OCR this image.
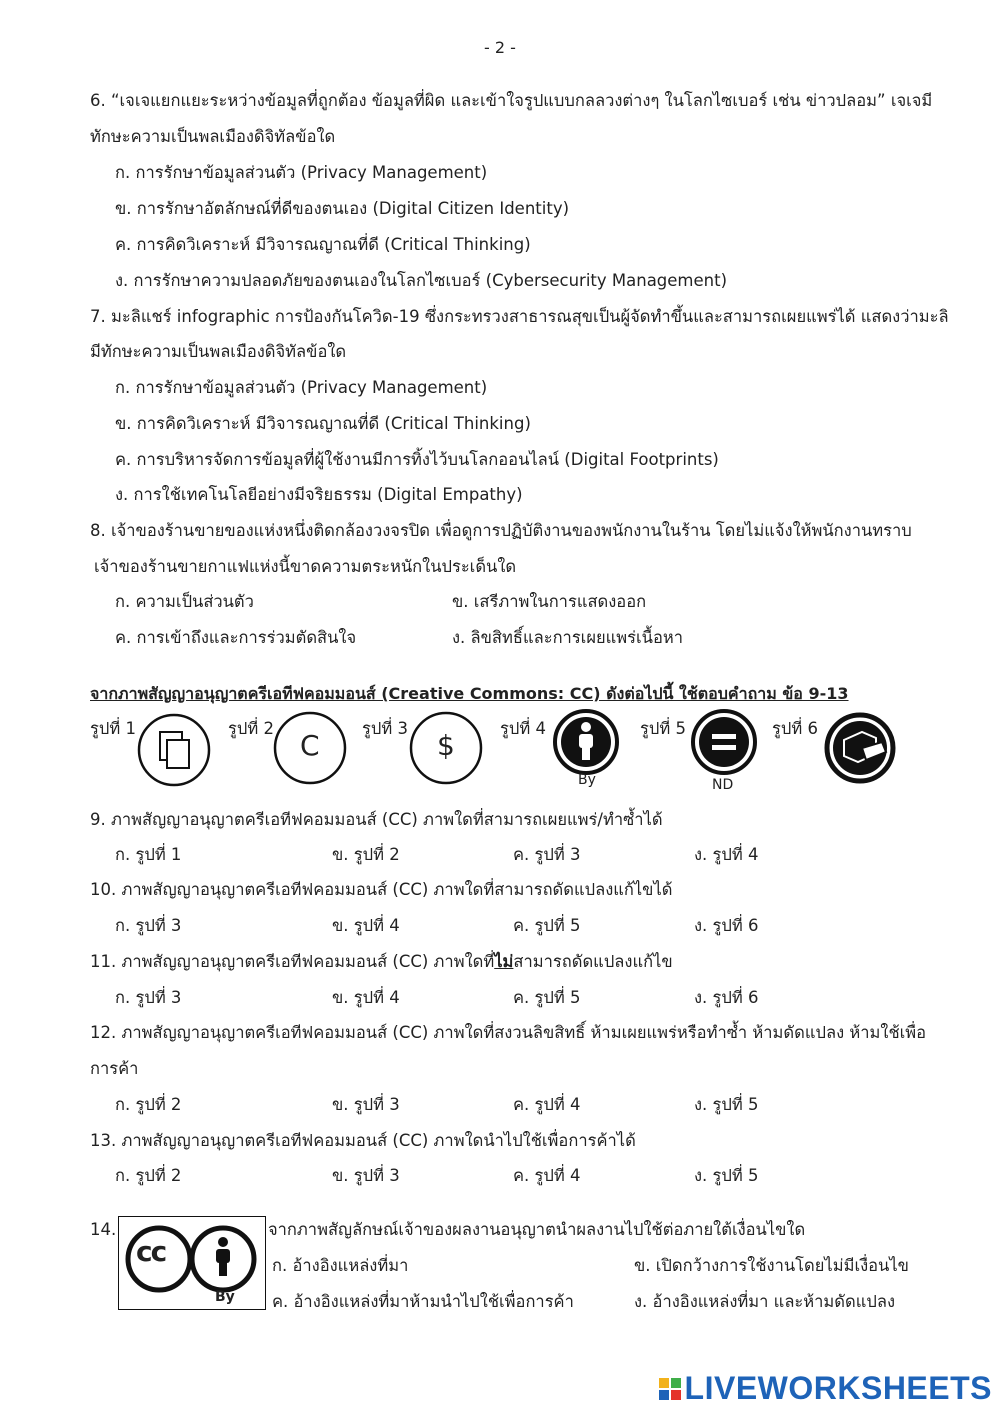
- 2 -
6. “เจเจแยกแยะระหว่างข้อมูลที่ถูกต้อง ข้อมูลที่ผิด และเข้าใจรูปแบบกลลวงต่างๆ ในโลกไซเบอร์ เช่น ข่าวปลอม” เจเจมี
ทักษะความเป็นพลเมืองดิจิทัลข้อใด
ก. การรักษาข้อมูลส่วนตัว (Privacy Management)
ข. การรักษาอัตลักษณ์ที่ดีของตนเอง (Digital Citizen Identity)
ค. การคิดวิเคราะห์ มีวิจารณญาณที่ดี (Critical Thinking)
ง. การรักษาความปลอดภัยของตนเองในโลกไซเบอร์ (Cybersecurity Management)
7. มะลิแชร์ infographic การป้องกันโควิด-19 ซึ่งกระทรวงสาธารณสุขเป็นผู้จัดทำขึ้นและสามารถเผยแพร่ได้ แสดงว่ามะลิ
มีทักษะความเป็นพลเมืองดิจิทัลข้อใด
ก. การรักษาข้อมูลส่วนตัว (Privacy Management)
ข. การคิดวิเคราะห์ มีวิจารณญาณที่ดี (Critical Thinking)
ค. การบริหารจัดการข้อมูลที่ผู้ใช้งานมีการทิ้งไว้บนโลกออนไลน์ (Digital Footprints)
ง. การใช้เทคโนโลยีอย่างมีจริยธรรม (Digital Empathy)
8. เจ้าของร้านขายของแห่งหนึ่งติดกล้องวงจรปิด เพื่อดูการปฏิบัติงานของพนักงานในร้าน โดยไม่แจ้งให้พนักงานทราบ
เจ้าของร้านขายกาแฟแห่งนี้ขาดความตระหนักในประเด็นใด
ก. ความเป็นส่วนตัว	ข. เสรีภาพในการแสดงออก
ค. การเข้าถึงและการร่วมตัดสินใจ	ง. ลิขสิทธิ์และการเผยแพร่เนื้อหา
จากภาพสัญญาอนุญาตครีเอทีฟคอมมอนส์ (Creative Commons: CC) ดังต่อไปนี้ ใช้ตอบคำถาม ข้อ 9-13
รูปที่ 1	รูปที่ 2
C
รูปที่ 3
$
รูปที่ 4
By
รูปที่ 5
ND
รูปที่ 6
9. ภาพสัญญาอนุญาตครีเอทีฟคอมมอนส์ (CC) ภาพใดที่สามารถเผยแพร่/ทำซ้ำได้
ก. รูปที่ 1	ข. รูปที่ 2	ค. รูปที่ 3	ง. รูปที่ 4
10. ภาพสัญญาอนุญาตครีเอทีฟคอมมอนส์ (CC) ภาพใดที่สามารถดัดแปลงแก้ไขได้
ก. รูปที่ 3	ข. รูปที่ 4	ค. รูปที่ 5	ง. รูปที่ 6
11. ภาพสัญญาอนุญาตครีเอทีฟคอมมอนส์ (CC) ภาพใดที่ไม่สามารถดัดแปลงแก้ไข
ก. รูปที่ 3	ข. รูปที่ 4	ค. รูปที่ 5	ง. รูปที่ 6
12. ภาพสัญญาอนุญาตครีเอทีฟคอมมอนส์ (CC) ภาพใดที่สงวนลิขสิทธิ์ ห้ามเผยแพร่หรือทำซ้ำ ห้ามดัดแปลง ห้ามใช้เพื่อ
การค้า
ก. รูปที่ 2	ข. รูปที่ 3	ค. รูปที่ 4	ง. รูปที่ 5
13. ภาพสัญญาอนุญาตครีเอทีฟคอมมอนส์ (CC) ภาพใดนำไปใช้เพื่อการค้าได้
ก. รูปที่ 2	ข. รูปที่ 3	ค. รูปที่ 4	ง. รูปที่ 5
14.
cc
By
จากภาพสัญลักษณ์เจ้าของผลงานอนุญาตนำผลงานไปใช้ต่อภายใต้เงื่อนไขใด
ก. อ้างอิงแหล่งที่มา	ข. เปิดกว้างการใช้งานโดยไม่มีเงื่อนไข
ค. อ้างอิงแหล่งที่มาห้ามนำไปใช้เพื่อการค้า	ง. อ้างอิงแหล่งที่มา และห้ามดัดแปลง
LIVEWORKSHEETS
